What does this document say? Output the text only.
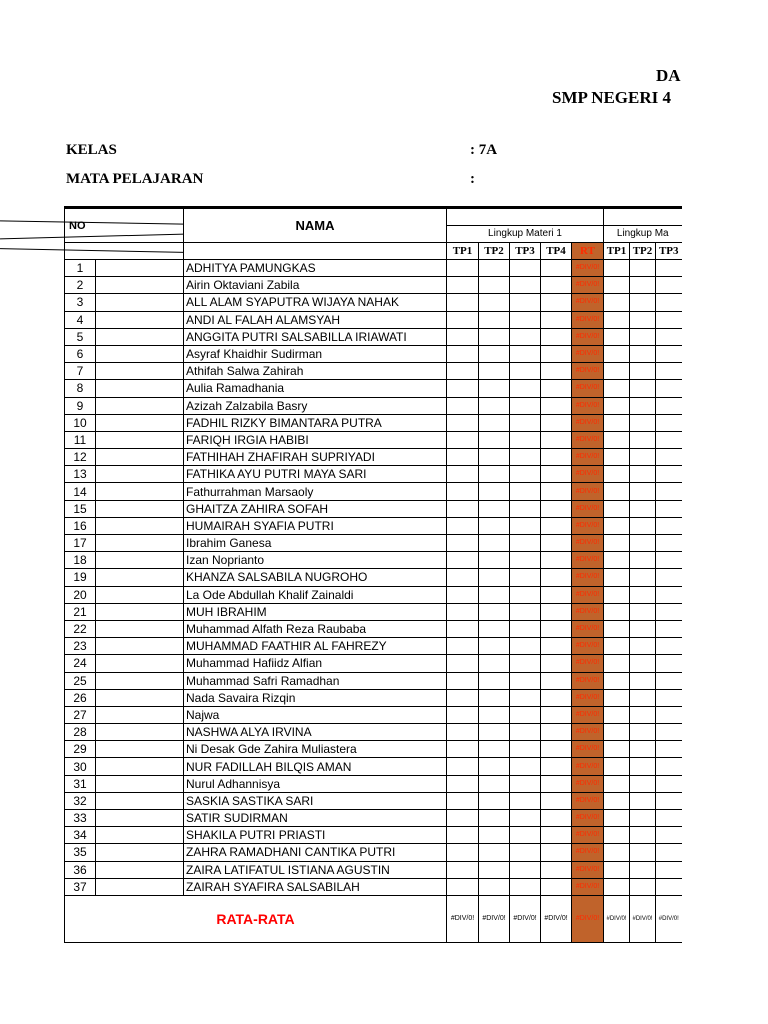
DA
SMP NEGERI 4
KELAS	: 7A
MATA PELAJARAN	:
NO		NAMA								
			Lingkup Materi 1					Lingkup Ma		
			TP1	TP2	TP3	TP4	RT	TP1	TP2	TP3
1		ADHITYA PAMUNGKAS					#DIV/0!			

2		Airin Oktaviani Zabila					#DIV/0!			

3		ALL ALAM SYAPUTRA WIJAYA NAHAK					#DIV/0!			

4		ANDI AL FALAH ALAMSYAH					#DIV/0!			

5		ANGGITA PUTRI SALSABILLA IRIAWATI					#DIV/0!			

6		Asyraf Khaidhir Sudirman					#DIV/0!			

7		Athifah Salwa Zahirah					#DIV/0!			

8		Aulia Ramadhania					#DIV/0!			

9		Azizah Zalzabila Basry					#DIV/0!			

10		FADHIL RIZKY BIMANTARA PUTRA					#DIV/0!			

11		FARIQH IRGIA HABIBI					#DIV/0!			

12		FATHIHAH ZHAFIRAH SUPRIYADI					#DIV/0!			

13		FATHIKA AYU PUTRI MAYA SARI					#DIV/0!			

14		Fathurrahman Marsaoly					#DIV/0!			

15		GHAITZA ZAHIRA SOFAH					#DIV/0!			

16		HUMAIRAH SYAFIA PUTRI					#DIV/0!			

17		Ibrahim Ganesa					#DIV/0!			

18		Izan Noprianto					#DIV/0!			

19		KHANZA SALSABILA NUGROHO					#DIV/0!			

20		La Ode Abdullah Khalif Zainaldi					#DIV/0!			

21		MUH IBRAHIM					#DIV/0!			

22		Muhammad Alfath Reza Raubaba					#DIV/0!			

23		MUHAMMAD FAATHIR AL FAHREZY					#DIV/0!			

24		Muhammad Hafiidz Alfian					#DIV/0!			

25		Muhammad Safri Ramadhan					#DIV/0!			

26		Nada Savaira Rizqin					#DIV/0!			

27		Najwa					#DIV/0!			

28		NASHWA ALYA IRVINA					#DIV/0!			

29		Ni Desak Gde Zahira Muliastera					#DIV/0!			

30		NUR FADILLAH BILQIS AMAN					#DIV/0!			

31		Nurul Adhannisya					#DIV/0!			

32		SASKIA SASTIKA SARI					#DIV/0!			

33		SATIR SUDIRMAN					#DIV/0!			

34		SHAKILA PUTRI PRIASTI					#DIV/0!			

35		ZAHRA RAMADHANI CANTIKA PUTRI					#DIV/0!			

36		ZAIRA LATIFATUL ISTIANA AGUSTIN					#DIV/0!			

37		ZAIRAH SYAFIRA SALSABILAH					#DIV/0!			

RATA-RATA			#DIV/0!	#DIV/0!	#DIV/0!	#DIV/0!	#DIV/0!	#DIV/0!	#DIV/0!	#DIV/0!
